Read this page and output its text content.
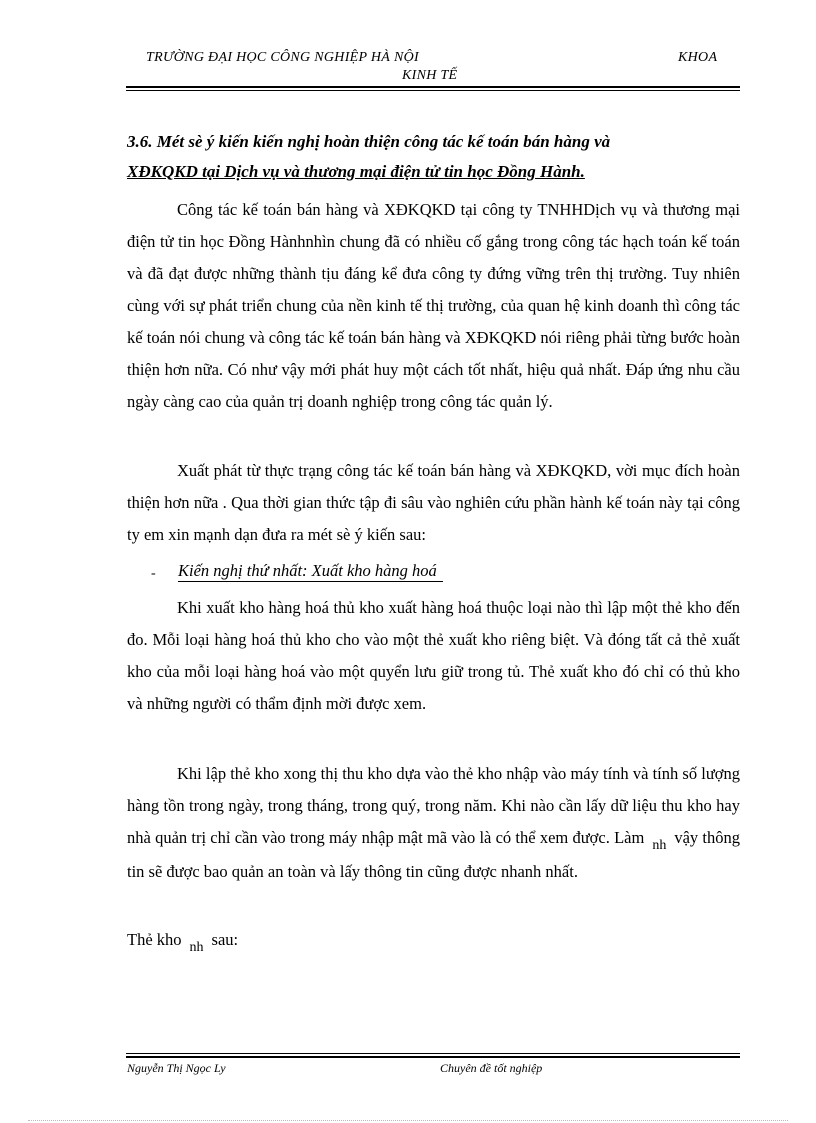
TRƯỜNG ĐẠI HỌC CÔNG NGHIỆP HÀ NỘI	KHOA
KINH TẾ
3.6. Mét sè ý kiến kiến nghị hoàn thiện công tác kế toán bán hàng và
XĐKQKD tại Dịch vụ và thương mại điện tử tin học Đồng Hành.
Công tác kế toán bán hàng và XĐKQKD tại công ty TNHHDịch vụ và thương mại điện tử tin học Đồng Hànhnhìn chung đã có nhiều cố gắng trong công tác hạch toán kế toán và đã đạt được những thành tịu đáng kể đưa công ty đứng vững trên thị trường. Tuy nhiên cùng với sự phát triển chung của nền kinh tế thị trường, của quan hệ kinh doanh thì công tác kế toán nói chung và công tác kế toán bán hàng và XĐKQKD nói riêng phải từng bước hoàn thiện hơn nữa. Có như vậy mới phát huy một cách tốt nhất, hiệu quả nhất. Đáp ứng nhu cầu ngày càng cao của quản trị doanh nghiệp trong công tác quản lý.
Xuất phát từ thực trạng công tác kế toán bán hàng và XĐKQKD, vời mục đích hoàn thiện hơn nữa . Qua thời gian thức tập đi sâu vào nghiên cứu phần hành kế toán này tại công ty em xin mạnh dạn đưa ra mét sè ý kiến sau:
- Kiến nghị thứ nhất: Xuất kho hàng hoá
Khi xuất kho hàng hoá thủ kho xuất hàng hoá thuộc loại nào thì lập một thẻ kho đến đo. Mỗi loại hàng hoá thủ kho cho vào một thẻ xuất kho riêng biệt. Và đóng tất cả thẻ xuất kho của mỗi loại hàng hoá vào một quyển lưu giữ trong tủ. Thẻ xuất kho đó chỉ có thủ kho và những người có thẩm định mời được xem.
Khi lập thẻ kho xong thị thu kho dựa vào thẻ kho nhập vào máy tính và tính số lượng hàng tồn trong ngày, trong tháng, trong quý, trong năm. Khi nào cần lấy dữ liệu thu kho hay nhà quản trị chỉ cần vào trong máy nhập mật mã vào là có thể xem được. Làm $_{nh}$ vậy thông tin sẽ được bao quản an toàn và lấy thông tin cũng được nhanh nhất.
Thẻ kho $_{nh}$ sau:
Nguyễn Thị Ngọc Ly	Chuyên đề tốt nghiệp
